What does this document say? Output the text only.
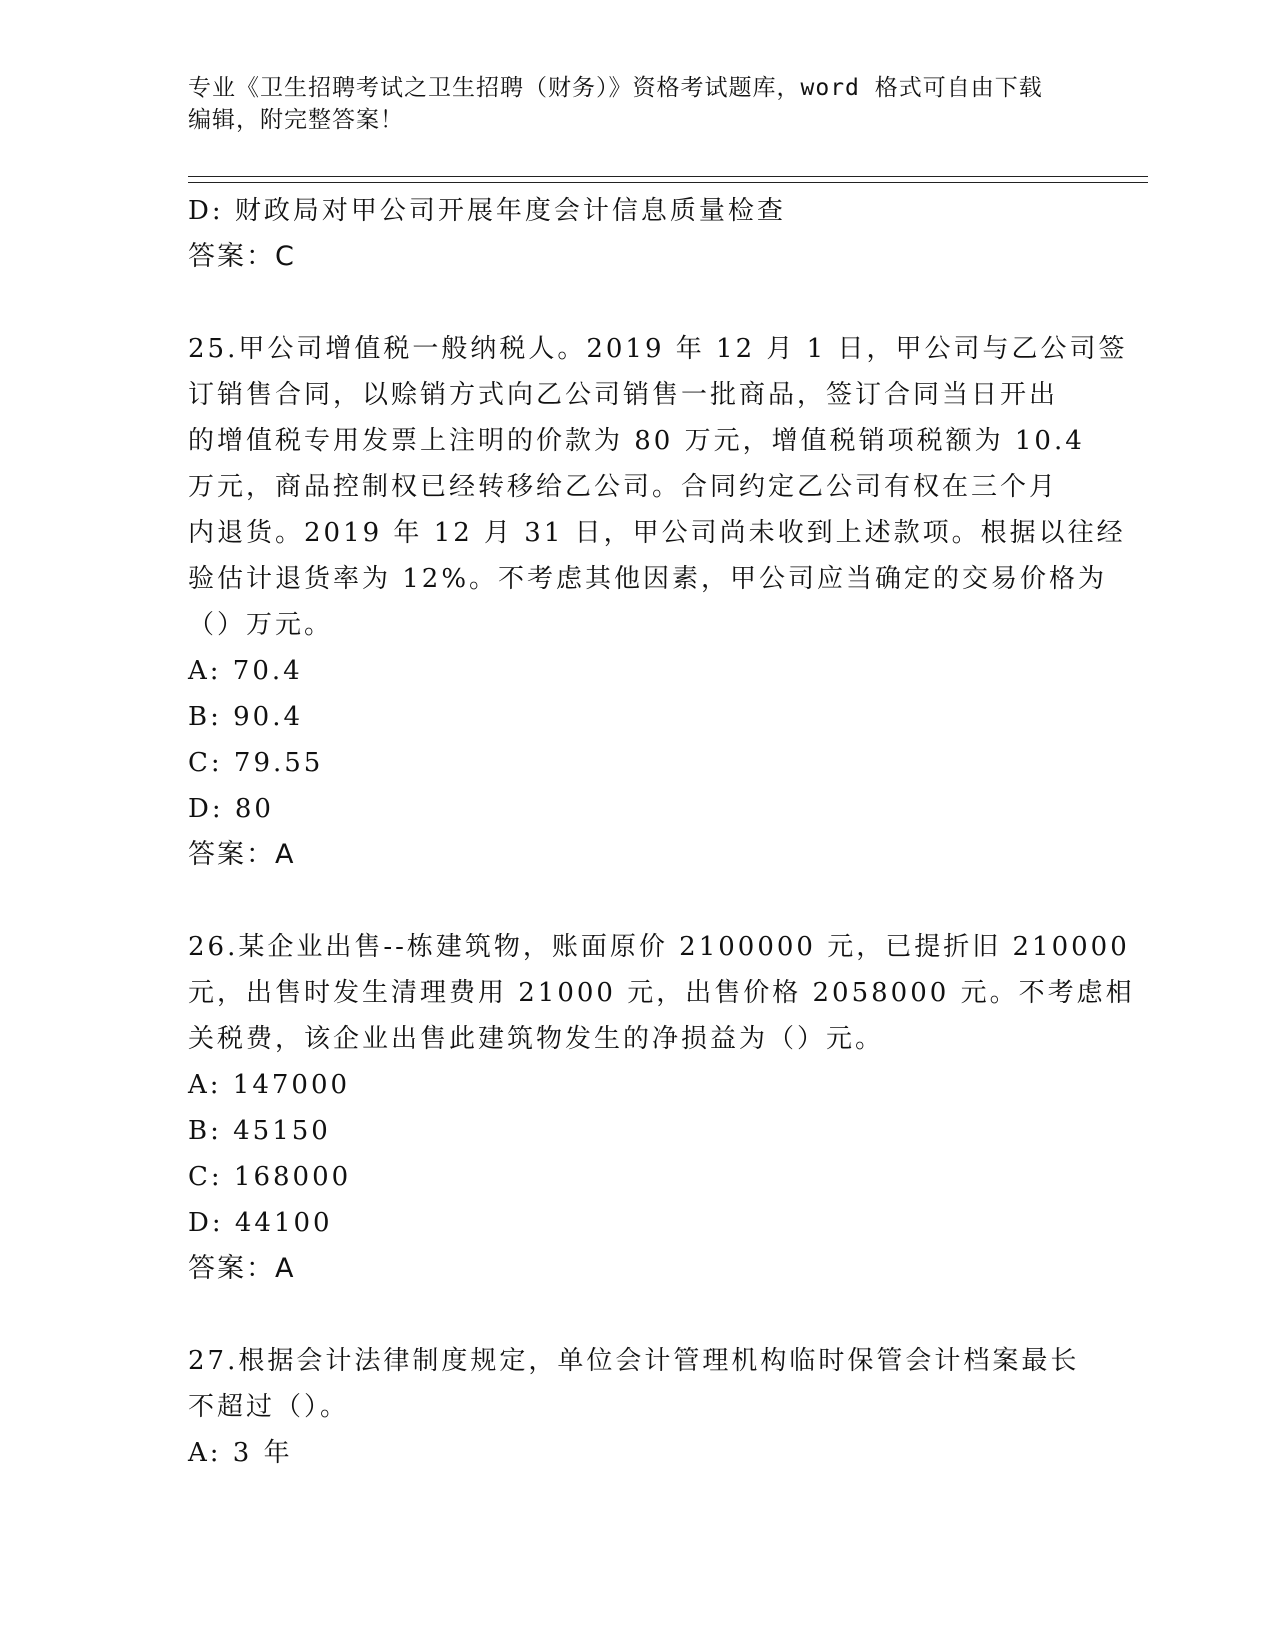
专业《卫生招聘考试之卫生招聘（财务）》资格考试题库，word 格式可自由下载
编辑，附完整答案！
D: 财政局对甲公司开展年度会计信息质量检查
答案：C
25.甲公司增值税一般纳税人。2019 年 12 月 1 日，甲公司与乙公司签
订销售合同，以赊销方式向乙公司销售一批商品，签订合同当日开出
的增值税专用发票上注明的价款为 80 万元，增值税销项税额为 10.4
万元，商品控制权已经转移给乙公司。合同约定乙公司有权在三个月
内退货。2019 年 12 月 31 日，甲公司尚未收到上述款项。根据以往经
验估计退货率为 12%。不考虑其他因素，甲公司应当确定的交易价格为
（）万元。
A: 70.4
B: 90.4
C: 79.55
D: 80
答案：A
26.某企业出售--栋建筑物，账面原价 2100000 元，已提折旧 210000
元，出售时发生清理费用 21000 元，出售价格 2058000 元。不考虑相
关税费，该企业出售此建筑物发生的净损益为（）元。
A: 147000
B: 45150
C: 168000
D: 44100
答案：A
27.根据会计法律制度规定，单位会计管理机构临时保管会计档案最长
不超过（）。
A: 3 年
